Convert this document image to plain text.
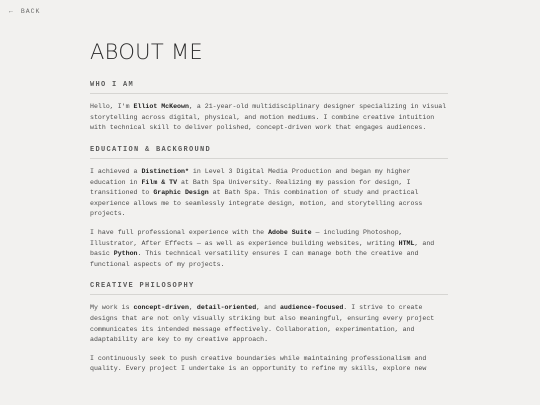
← BACK
ABOUT ME
WHO I AM

Hello, I'm Elliot McKeown, a 21-year-old multidisciplinary designer specializing in visual storytelling across digital, physical, and motion mediums. I combine creative intuition with technical skill to deliver polished, concept-driven work that engages audiences.

EDUCATION & BACKGROUND

I achieved a Distinction* in Level 3 Digital Media Production and began my higher education in Film & TV at Bath Spa University. Realizing my passion for design, I transitioned to Graphic Design at Bath Spa. This combination of study and practical experience allows me to seamlessly integrate design, motion, and storytelling across projects.

I have full professional experience with the Adobe Suite — including Photoshop, Illustrator, After Effects — as well as experience building websites, writing HTML, and basic Python. This technical versatility ensures I can manage both the creative and functional aspects of my projects.

CREATIVE PHILOSOPHY

My work is concept-driven, detail-oriented, and audience-focused. I strive to create designs that are not only visually striking but also meaningful, ensuring every project communicates its intended message effectively. Collaboration, experimentation, and adaptability are key to my creative approach.

I continuously seek to push creative boundaries while maintaining professionalism and quality. Every project I undertake is an opportunity to refine my skills, explore new
